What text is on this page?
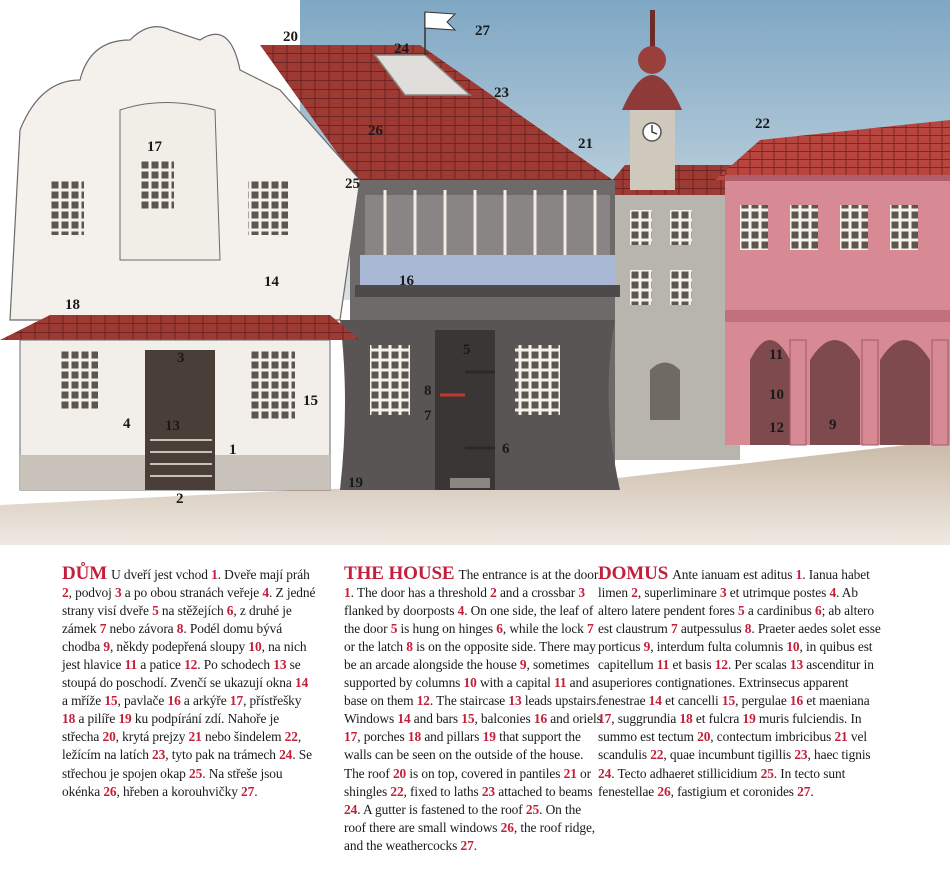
1
2
3
4
5
6
7
8
9
10
11
12
13
14
15
16
17
18
19
20
21
22
23
24
25
26
27
DŮM U dveří jest vchod 1. Dveře mají práh 2, podvoj 3 a po obou stranách veřeje 4. Z jedné strany visí dveře 5 na stěžejích 6, z druhé je zámek 7 nebo závora 8. Podél domu bývá chodba 9, někdy podepřená sloupy 10, na nich jest hlavice 11 a patice 12. Po schodech 13 se stoupá do poschodí. Zvenčí se ukazují okna 14 a mříže 15, pavlače 16 a arkýře 17, přístřešky 18 a pilíře 19 ku podpírání zdí. Nahoře je střecha 20, krytá prejzy 21 nebo šindelem 22, ležícím na latích 23, tyto pak na trámech 24. Se střechou je spojen okap 25. Na střeše jsou okénka 26, hřeben a korouhvičky 27.
THE HOUSE The entrance is at the door 1. The door has a threshold 2 and a crossbar 3 flanked by doorposts 4. On one side, the leaf of the door 5 is hung on hinges 6, while the lock 7 or the latch 8 is on the opposite side. There may be an arcade alongside the house 9, sometimes supported by columns 10 with a capital 11 and a base on them 12. The staircase 13 leads upstairs. Windows 14 and bars 15, balconies 16 and oriels 17, porches 18 and pillars 19 that support the walls can be seen on the outside of the house. The roof 20 is on top, covered in pantiles 21 or shingles 22, fixed to laths 23 attached to beams 24. A gutter is fastened to the roof 25. On the roof there are small windows 26, the roof ridge, and the weathercocks 27.
DOMUS Ante ianuam est aditus 1. Ianua habet limen 2, superliminare 3 et utrimque postes 4. Ab altero latere pendent fores 5 a cardinibus 6; ab altero est claustrum 7 autpessulus 8. Praeter aedes solet esse porticus 9, interdum fulta columnis 10, in quibus est capitellum 11 et basis 12. Per scalas 13 ascenditur in superiores contignationes. Extrinsecus apparent fenestrae 14 et cancelli 15, pergulae 16 et maeniana 17, suggrundia 18 et fulcra 19 muris fulciendis. In summo est tectum 20, contectum imbricibus 21 vel scandulis 22, quae incumbunt tigillis 23, haec tignis 24. Tecto adhaeret stillicidium 25. In tecto sunt fenestellae 26, fastigium et coronides 27.
